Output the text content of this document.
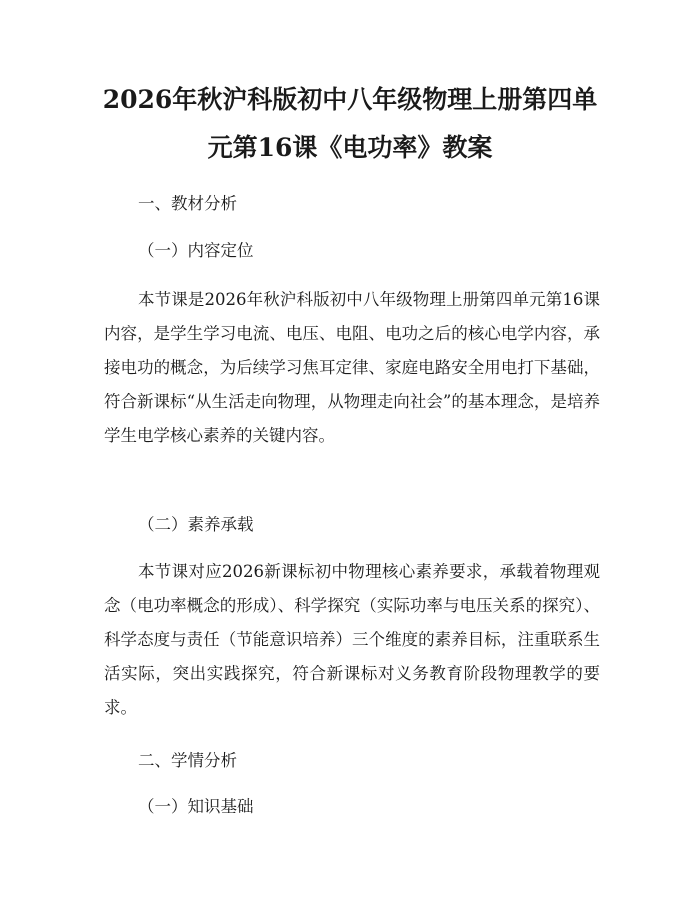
2026年秋沪科版初中八年级物理上册第四单
元第16课《电功率》教案
一、教材分析
（一）内容定位
本节课是2026年秋沪科版初中八年级物理上册第四单元第16课内容，是学生学习电流、电压、电阻、电功之后的核心电学内容，承接电功的概念，为后续学习焦耳定律、家庭电路安全用电打下基础，符合新课标“从生活走向物理，从物理走向社会”的基本理念，是培养学生电学核心素养的关键内容。
（二）素养承载
本节课对应2026新课标初中物理核心素养要求，承载着物理观念（电功率概念的形成）、科学探究（实际功率与电压关系的探究）、科学态度与责任（节能意识培养）三个维度的素养目标，注重联系生活实际，突出实践探究，符合新课标对义务教育阶段物理教学的要求。
二、学情分析
（一）知识基础
